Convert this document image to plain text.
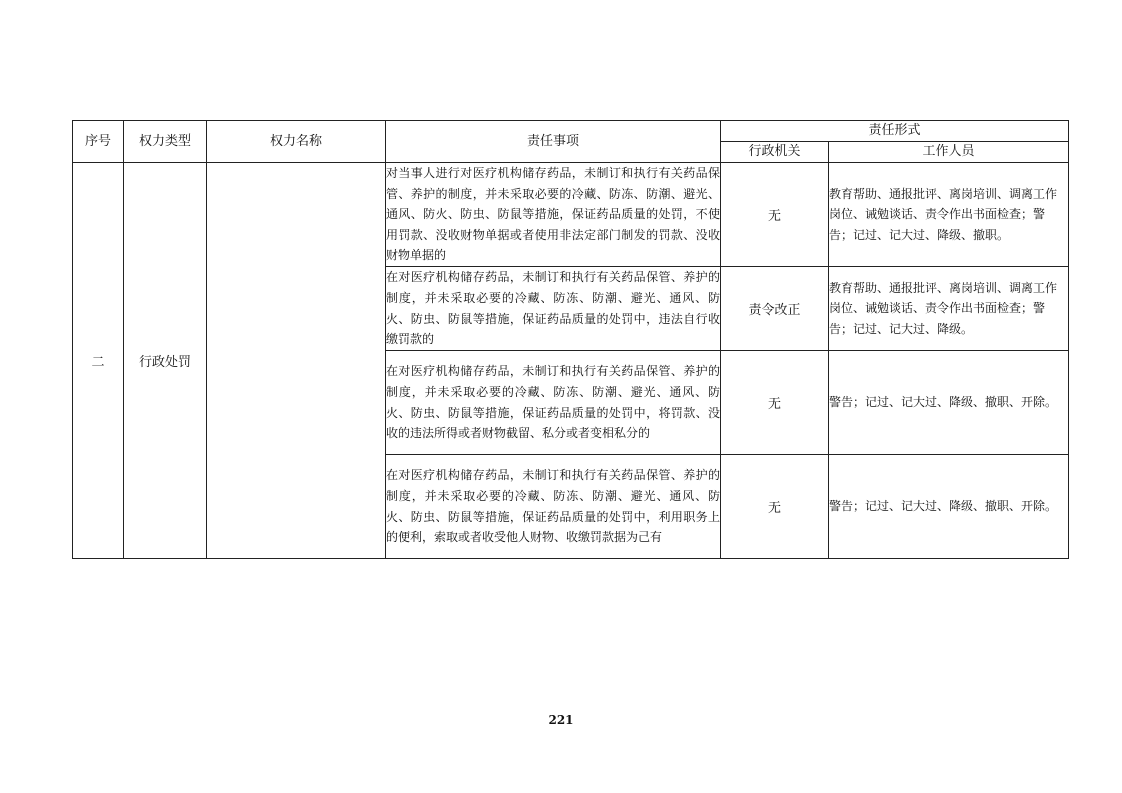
序号	权力类型	权力名称	责任事项	责任形式	
				行政机关	工作人员
二	行政处罚		对当事人进行对医疗机构储存药品，未制订和执行有关药品保管、养护的制度，并未采取必要的冷藏、防冻、防潮、避光、通风、防火、防虫、防鼠等措施，保证药品质量的处罚，不使用罚款、没收财物单据或者使用非法定部门制发的罚款、没收财物单据的	无	教育帮助、通报批评、离岗培训、调离工作岗位、诫勉谈话、责令作出书面检查；警告；记过、记大过、降级、撤职。
			在对医疗机构储存药品，未制订和执行有关药品保管、养护的制度，并未采取必要的冷藏、防冻、防潮、避光、通风、防火、防虫、防鼠等措施，保证药品质量的处罚中，违法自行收缴罚款的	责令改正	教育帮助、通报批评、离岗培训、调离工作岗位、诫勉谈话、责令作出书面检查；警告；记过、记大过、降级。
			在对医疗机构储存药品，未制订和执行有关药品保管、养护的制度，并未采取必要的冷藏、防冻、防潮、避光、通风、防火、防虫、防鼠等措施，保证药品质量的处罚中，将罚款、没收的违法所得或者财物截留、私分或者变相私分的	无	警告；记过、记大过、降级、撤职、开除。
			在对医疗机构储存药品，未制订和执行有关药品保管、养护的制度，并未采取必要的冷藏、防冻、防潮、避光、通风、防火、防虫、防鼠等措施，保证药品质量的处罚中，利用职务上的便利，索取或者收受他人财物、收缴罚款据为己有	无	警告；记过、记大过、降级、撤职、开除。
221
